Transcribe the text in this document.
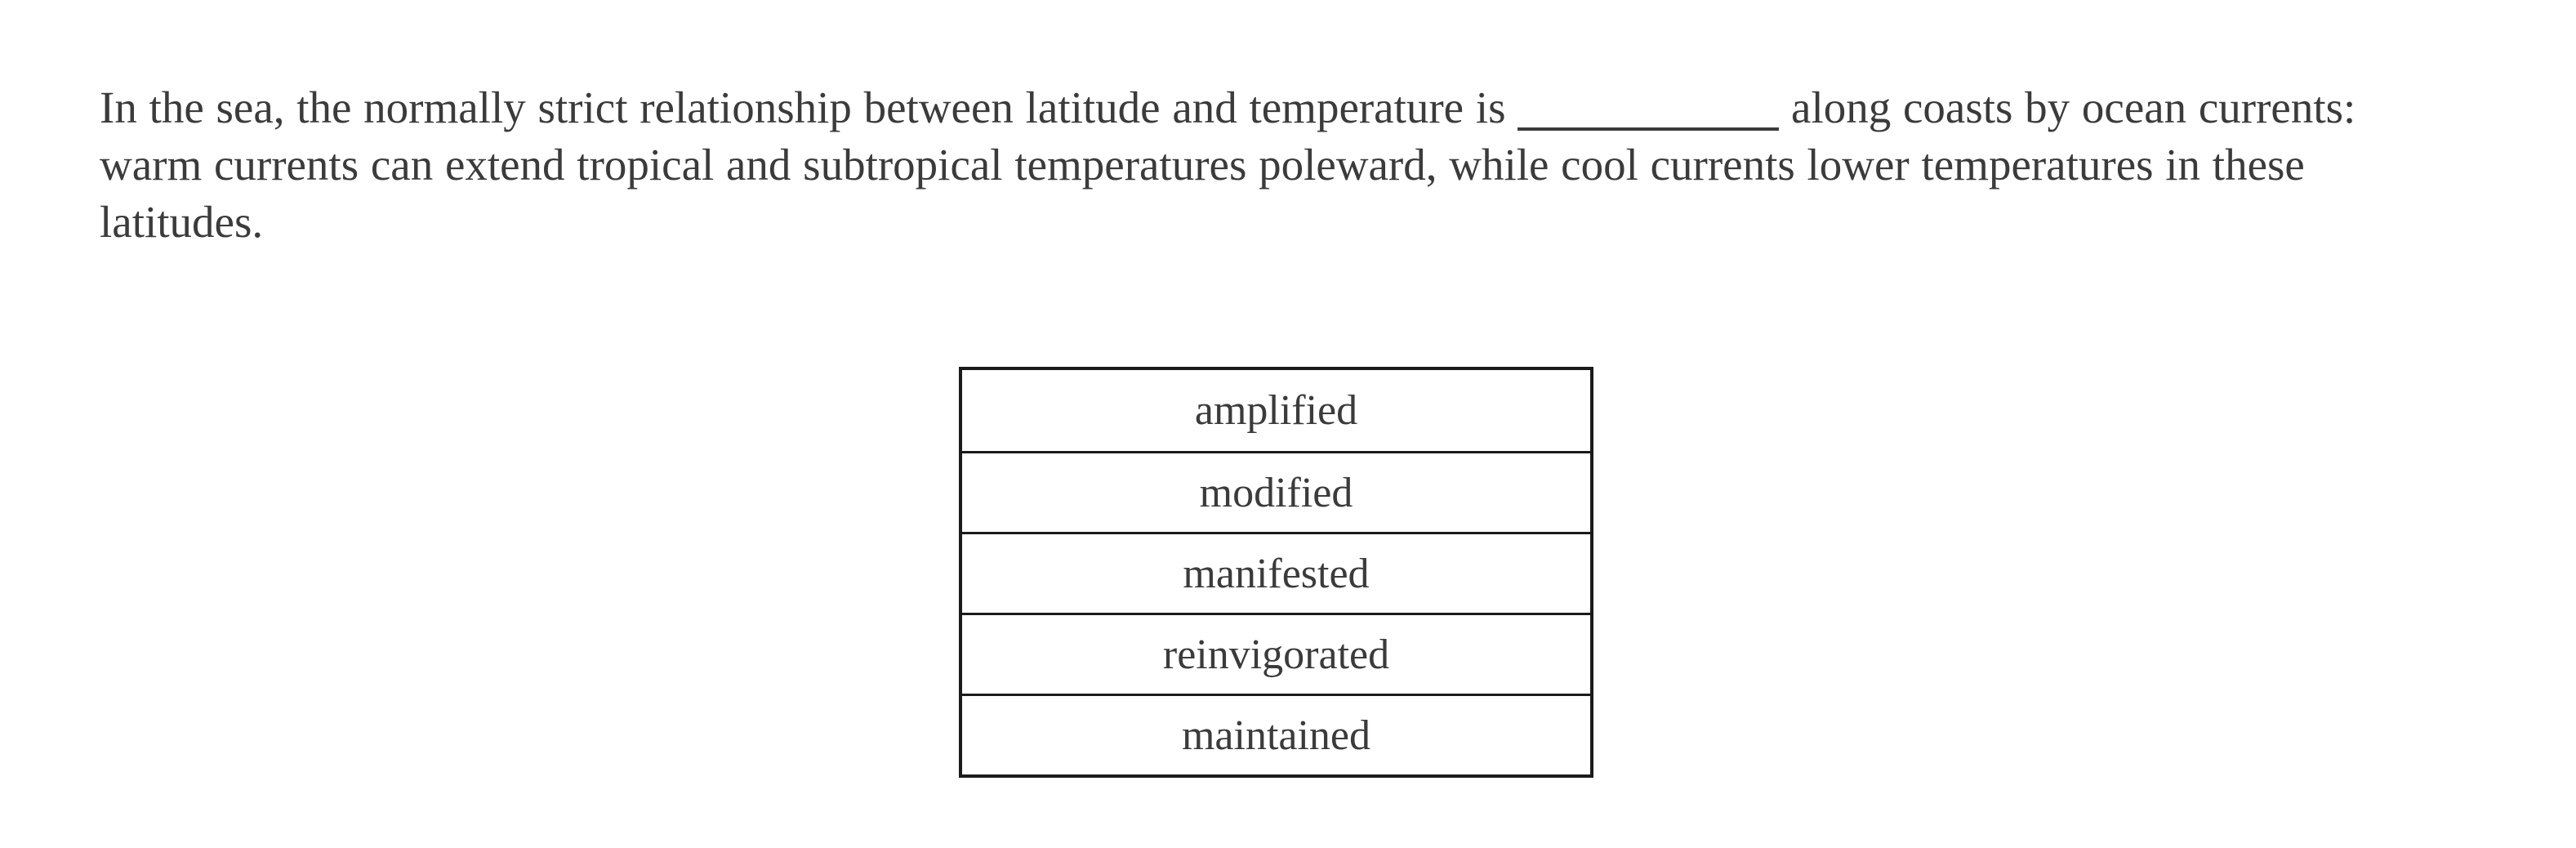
In the sea, the normally strict relationship between latitude and temperature is	along coasts by ocean currents: warm currents can extend tropical and subtropical temperatures poleward, while cool currents lower temperatures in these latitudes.

amplified
modified
manifested
reinvigorated
maintained
